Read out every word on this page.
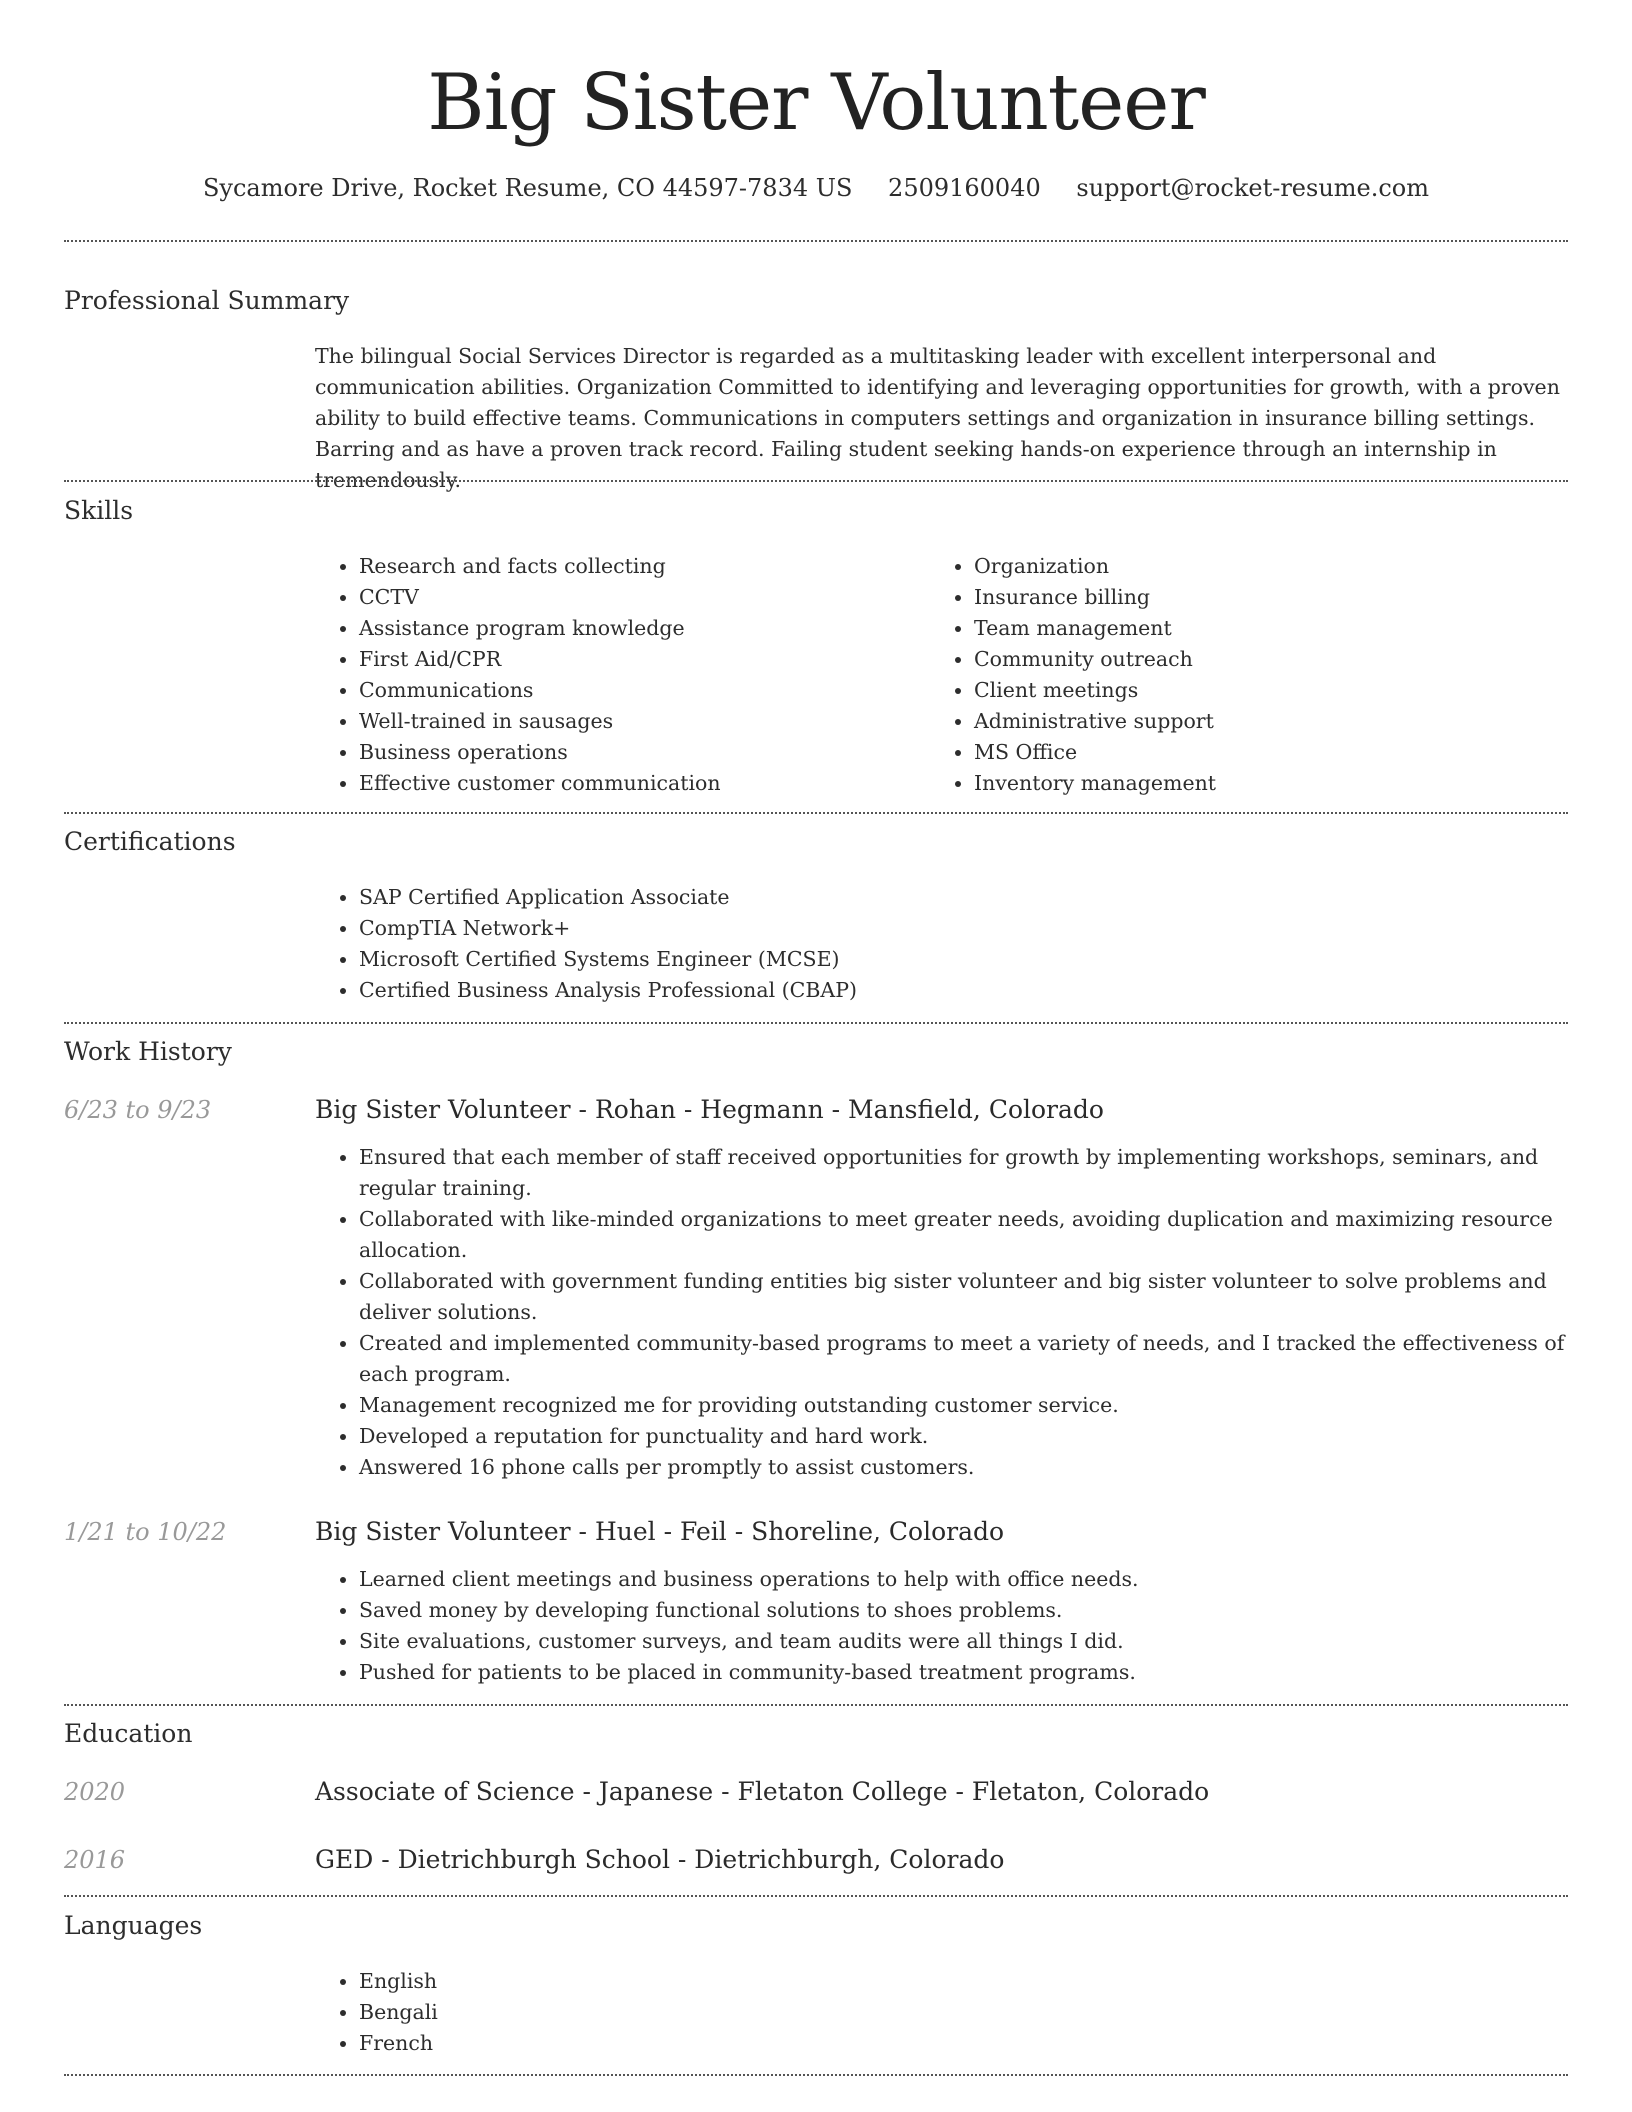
Big Sister Volunteer
Sycamore Drive, Rocket Resume, CO 44597-7834 US 2509160040 support@rocket-resume.com
Professional Summary

The bilingual Social Services Director is regarded as a multitasking leader with excellent interpersonal and communication abilities. Organization Committed to identifying and leveraging opportunities for growth, with a proven ability to build effective teams. Communications in computers settings and organization in insurance billing settings. Barring and as have a proven track record. Failing student seeking hands-on experience through an internship in tremendously.

Skills
• Research and facts collecting
• CCTV
• Assistance program knowledge
• First Aid/CPR
• Communications
• Well-trained in sausages
• Business operations
• Effective customer communication
• Organization
• Insurance billing
• Team management
• Community outreach
• Client meetings
• Administrative support
• MS Office
• Inventory management
Certifications
• SAP Certified Application Associate
• CompTIA Network+
• Microsoft Certified Systems Engineer (MCSE)
• Certified Business Analysis Professional (CBAP)
Work History
6/23 to 9/23	Big Sister Volunteer - Rohan - Hegmann - Mansfield, Colorado
• Ensured that each member of staff received opportunities for growth by implementing workshops, seminars, and regular training.
• Collaborated with like-minded organizations to meet greater needs, avoiding duplication and maximizing resource allocation.
• Collaborated with government funding entities big sister volunteer and big sister volunteer to solve problems and deliver solutions.
• Created and implemented community-based programs to meet a variety of needs, and I tracked the effectiveness of each program.
• Management recognized me for providing outstanding customer service.
• Developed a reputation for punctuality and hard work.
• Answered 16 phone calls per promptly to assist customers.
1/21 to 10/22	Big Sister Volunteer - Huel - Feil - Shoreline, Colorado
• Learned client meetings and business operations to help with office needs.
• Saved money by developing functional solutions to shoes problems.
• Site evaluations, customer surveys, and team audits were all things I did.
• Pushed for patients to be placed in community-based treatment programs.
Education
2020	Associate of Science - Japanese - Fletaton College - Fletaton, Colorado
2016	GED - Dietrichburgh School - Dietrichburgh, Colorado
Languages
• English
• Bengali
• French
